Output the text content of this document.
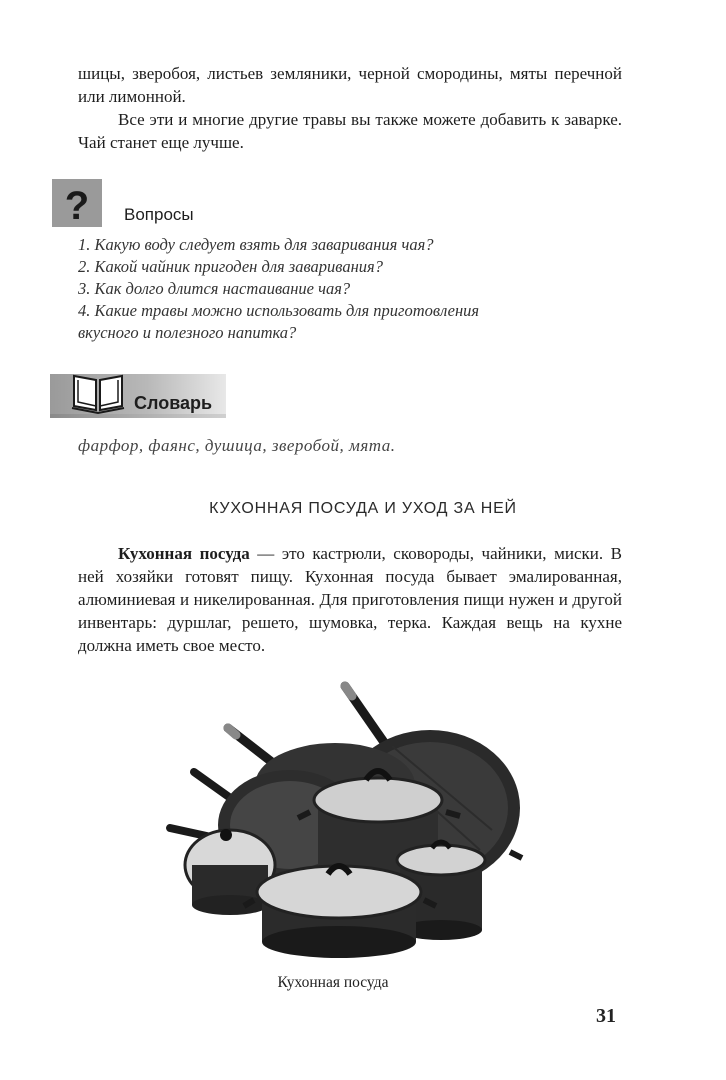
шицы, зверобоя, листьев земляники, черной смородины, мяты перечной или лимонной.

Все эти и многие другие травы вы также можете добавить к заварке. Чай станет еще лучше.

? Вопросы
1. Какую воду следует взять для заваривания чая?
2. Какой чайник пригоден для заваривания?
3. Как долго длится настаивание чая?
4. Какие травы можно использовать для приготовления
вкусного и полезного напитка?
Словарь
фарфор, фаянс, душица, зверобой, мята.
КУХОННАЯ ПОСУДА И УХОД ЗА НЕЙ

Кухонная посуда — это кастрюли, сковороды, чайники, миски. В ней хозяйки готовят пищу. Кухонная посуда бывает эмалированная, алюминиевая и никелированная. Для приготовления пищи нужен и другой инвентарь: дуршлаг, решето, шумовка, терка. Каждая вещь на кухне должна иметь свое место.

Кухонная посуда
31
